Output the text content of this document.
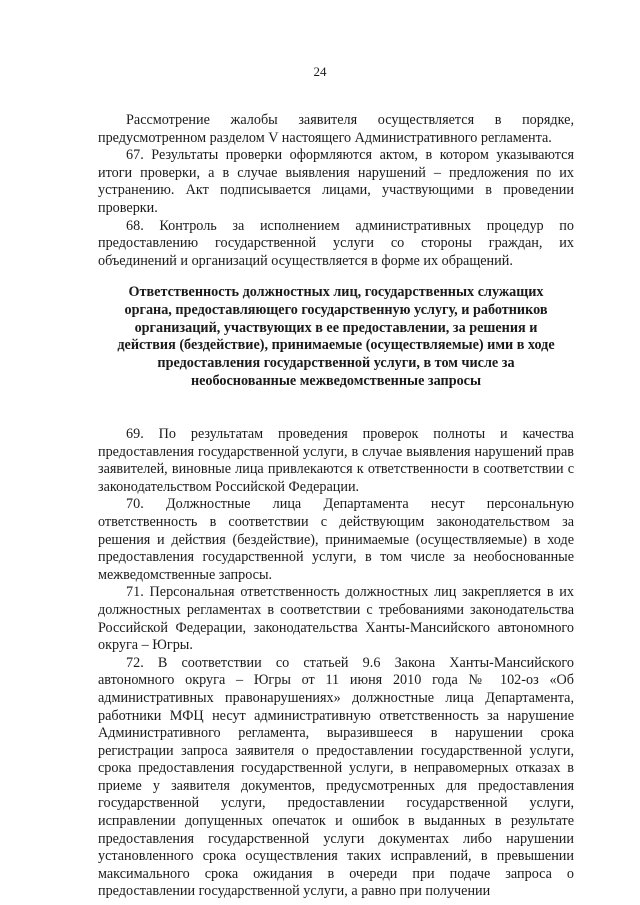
24

Рассмотрение жалобы заявителя осуществляется в порядке, предусмотренном разделом V настоящего Административного регламента.

67. Результаты проверки оформляются актом, в котором указываются итоги проверки, а в случае выявления нарушений – предложения по их устранению. Акт подписывается лицами, участвующими в проведении проверки.

68. Контроль за исполнением административных процедур по предоставлению государственной услуги со стороны граждан, их объединений и организаций осуществляется в форме их обращений.

Ответственность должностных лиц, государственных служащих органа, предоставляющего государственную услугу, и работников организаций, участвующих в ее предоставлении, за решения и действия (бездействие), принимаемые (осуществляемые) ими в ходе предоставления государственной услуги, в том числе за необоснованные межведомственные запросы

69. По результатам проведения проверок полноты и качества предоставления государственной услуги, в случае выявления нарушений прав заявителей, виновные лица привлекаются к ответственности в соответствии с законодательством Российской Федерации.

70. Должностные лица Департамента несут персональную ответственность в соответствии с действующим законодательством за решения и действия (бездействие), принимаемые (осуществляемые) в ходе предоставления государственной услуги, в том числе за необоснованные межведомственные запросы.

71. Персональная ответственность должностных лиц закрепляется в их должностных регламентах в соответствии с требованиями законодательства Российской Федерации, законодательства Ханты-Мансийского автономного округа – Югры.

72. В соответствии со статьей 9.6 Закона Ханты-Мансийского автономного округа – Югры от 11 июня 2010 года № 102-оз «Об административных правонарушениях» должностные лица Департамента, работники МФЦ несут административную ответственность за нарушение Административного регламента, выразившееся в нарушении срока регистрации запроса заявителя о предоставлении государственной услуги, срока предоставления государственной услуги, в неправомерных отказах в приеме у заявителя документов, предусмотренных для предоставления государственной услуги, предоставлении государственной услуги, исправлении допущенных опечаток и ошибок в выданных в результате предоставления государственной услуги документах либо нарушении установленного срока осуществления таких исправлений, в превышении максимального срока ожидания в очереди при подаче запроса о предоставлении государственной услуги, а равно при получении
